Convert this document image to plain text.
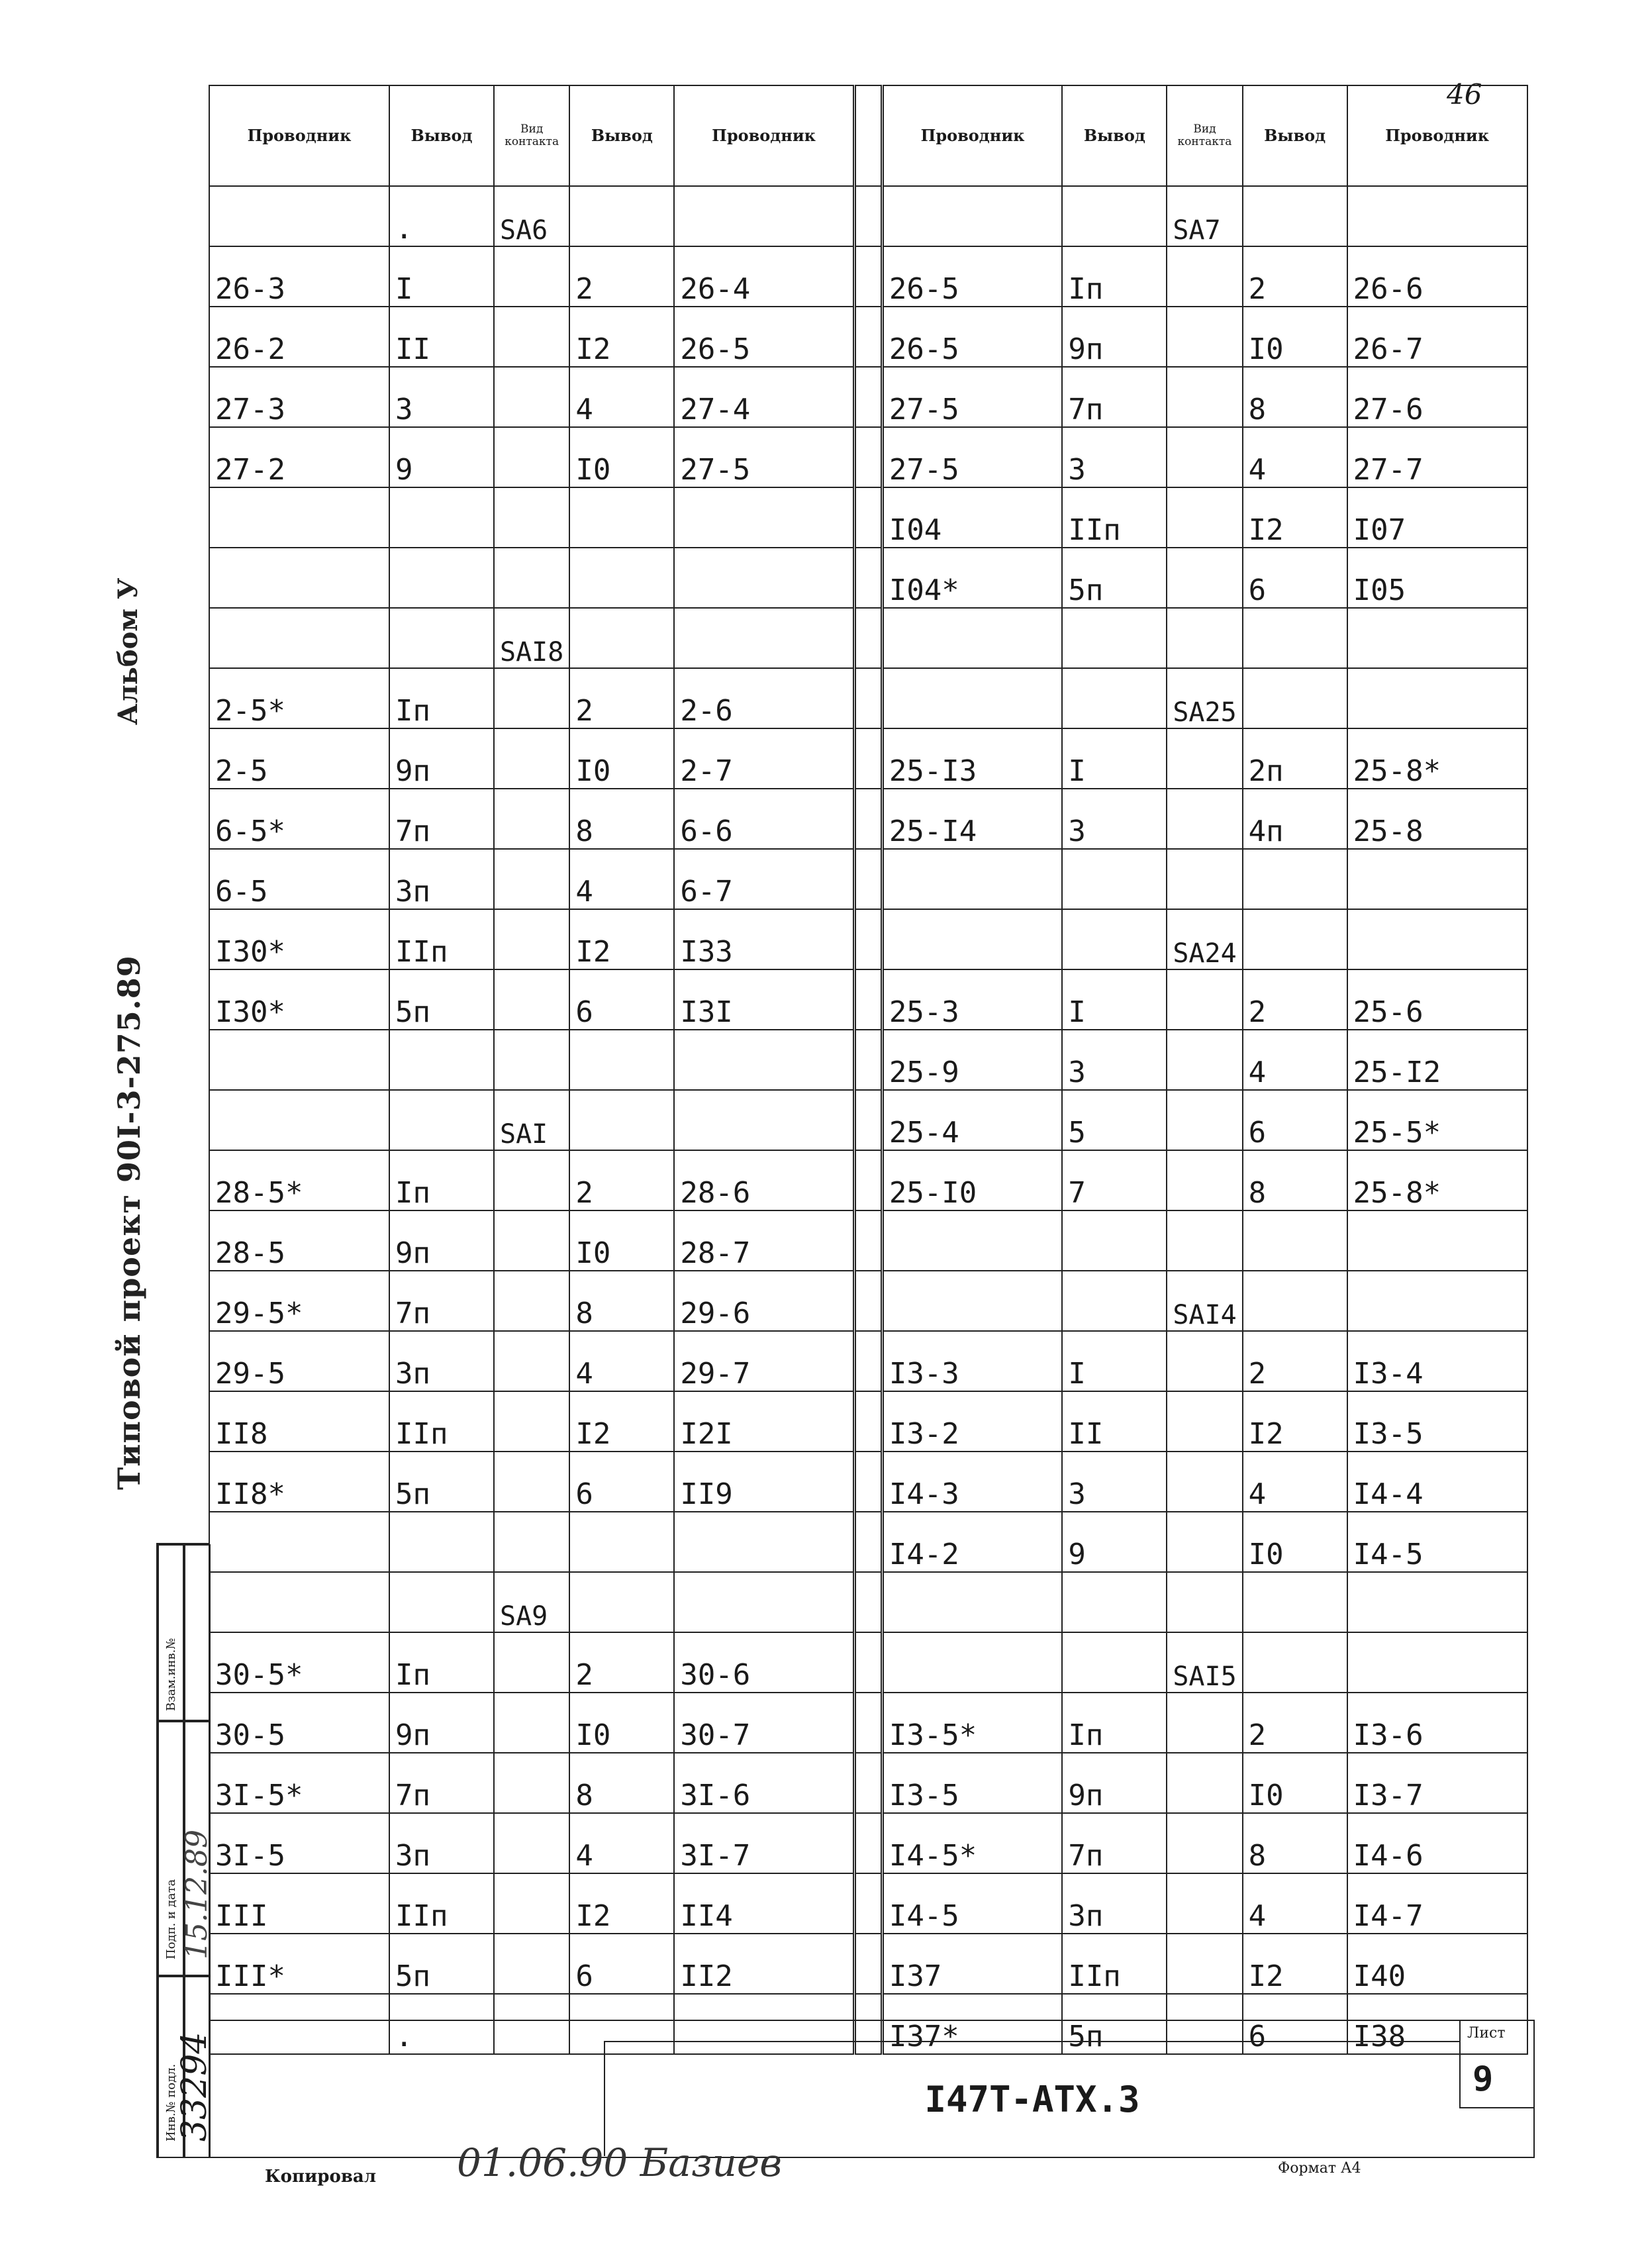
Альбом У
Типовой проект 90I-3-275.89
46
Проводник	Вывод	Вид контакта	Вывод	Проводник		Проводник	Вывод	Вид контакта	Вывод	Проводник
	.	SA6						SA7		
26-3	I		2	26-4		26-5	Iп		2	26-6
26-2	II		I2	26-5		26-5	9п		I0	26-7
27-3	3		4	27-4		27-5	7п		8	27-6
27-2	9		I0	27-5		27-5	3		4	27-7
						I04	IIп		I2	I07
						I04*	5п		6	I05
		SAI8								
2-5*	Iп		2	2-6				SA25		
2-5	9п		I0	2-7		25-I3	I		2п	25-8*
6-5*	7п		8	6-6		25-I4	3		4п	25-8
6-5	3п		4	6-7						
I30*	IIп		I2	I33				SA24		
I30*	5п		6	I3I		25-3	I		2	25-6
						25-9	3		4	25-I2
		SAI				25-4	5		6	25-5*
28-5*	Iп		2	28-6		25-I0	7		8	25-8*
28-5	9п		I0	28-7						
29-5*	7п		8	29-6				SAI4		
29-5	3п		4	29-7		I3-3	I		2	I3-4
II8	IIп		I2	I2I		I3-2	II		I2	I3-5
II8*	5п		6	II9		I4-3	3		4	I4-4
						I4-2	9		I0	I4-5
		SA9								
30-5*	Iп		2	30-6				SAI5		
30-5	9п		I0	30-7		I3-5*	Iп		2	I3-6
3I-5*	7п		8	3I-6		I3-5	9п		I0	I3-7
3I-5	3п		4	3I-7		I4-5*	7п		8	I4-6
III	IIп		I2	II4		I4-5	3п		4	I4-7
III*	5п		6	II2		I37	IIп		I2	I40
	.					I37*	5п		6	I38
Взам.инв.№
Подп. и дата 15.12.89
Инв.№ подл.
33294	I47Т-АТХ.3
Лист
9
Формат А4
Копировал 01.06.90 Базиев
